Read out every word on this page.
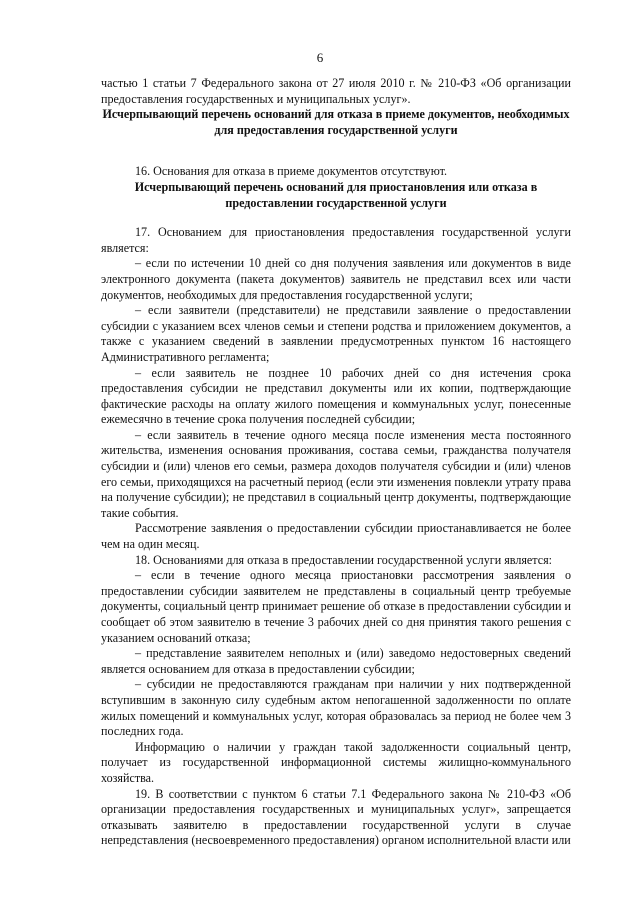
6

частью 1 статьи 7 Федерального закона от 27 июля 2010 г. № 210-ФЗ «Об организации предоставления государственных и муниципальных услуг».

Исчерпывающий перечень оснований для отказа в приеме документов, необходимых для предоставления государственной услуги

16. Основания для отказа в приеме документов отсутствуют.

Исчерпывающий перечень оснований для приостановления или отказа в предоставлении государственной услуги

17. Основанием для приостановления предоставления государственной услуги является:

– если по истечении 10 дней со дня получения заявления или документов в виде электронного документа (пакета документов) заявитель не представил всех или части документов, необходимых для предоставления государственной услуги;

– если заявители (представители) не представили заявление о предоставлении субсидии с указанием всех членов семьи и степени родства и приложением документов, а также с указанием сведений в заявлении предусмотренных пунктом 16 настоящего Административного регламента;

– если заявитель не позднее 10 рабочих дней со дня истечения срока предоставления субсидии не представил документы или их копии, подтверждающие фактические расходы на оплату жилого помещения и коммунальных услуг, понесенные ежемесячно в течение срока получения последней субсидии;

– если заявитель в течение одного месяца после изменения места постоянного жительства, изменения основания проживания, состава семьи, гражданства получателя субсидии и (или) членов его семьи, размера доходов получателя субсидии и (или) членов его семьи, приходящихся на расчетный период (если эти изменения повлекли утрату права на получение субсидии); не представил в социальный центр документы, подтверждающие такие события.

Рассмотрение заявления о предоставлении субсидии приостанавливается не более чем на один месяц.

18. Основаниями для отказа в предоставлении государственной услуги является:

– если в течение одного месяца приостановки рассмотрения заявления о предоставлении субсидии заявителем не представлены в социальный центр требуемые документы, социальный центр принимает решение об отказе в предоставлении субсидии и сообщает об этом заявителю в течение 3 рабочих дней со дня принятия такого решения с указанием оснований отказа;

– представление заявителем неполных и (или) заведомо недостоверных сведений является основанием для отказа в предоставлении субсидии;

– субсидии не предоставляются гражданам при наличии у них подтвержденной вступившим в законную силу судебным актом непогашенной задолженности по оплате жилых помещений и коммунальных услуг, которая образовалась за период не более чем 3 последних года.

Информацию о наличии у граждан такой задолженности социальный центр, получает из государственной информационной системы жилищно-коммунального хозяйства.

19. В соответствии с пунктом 6 статьи 7.1 Федерального закона № 210-ФЗ «Об организации предоставления государственных и муниципальных услуг», запрещается отказывать заявителю в предоставлении государственной услуги в случае непредставления (несвоевременного предоставления) органом исполнительной власти или
